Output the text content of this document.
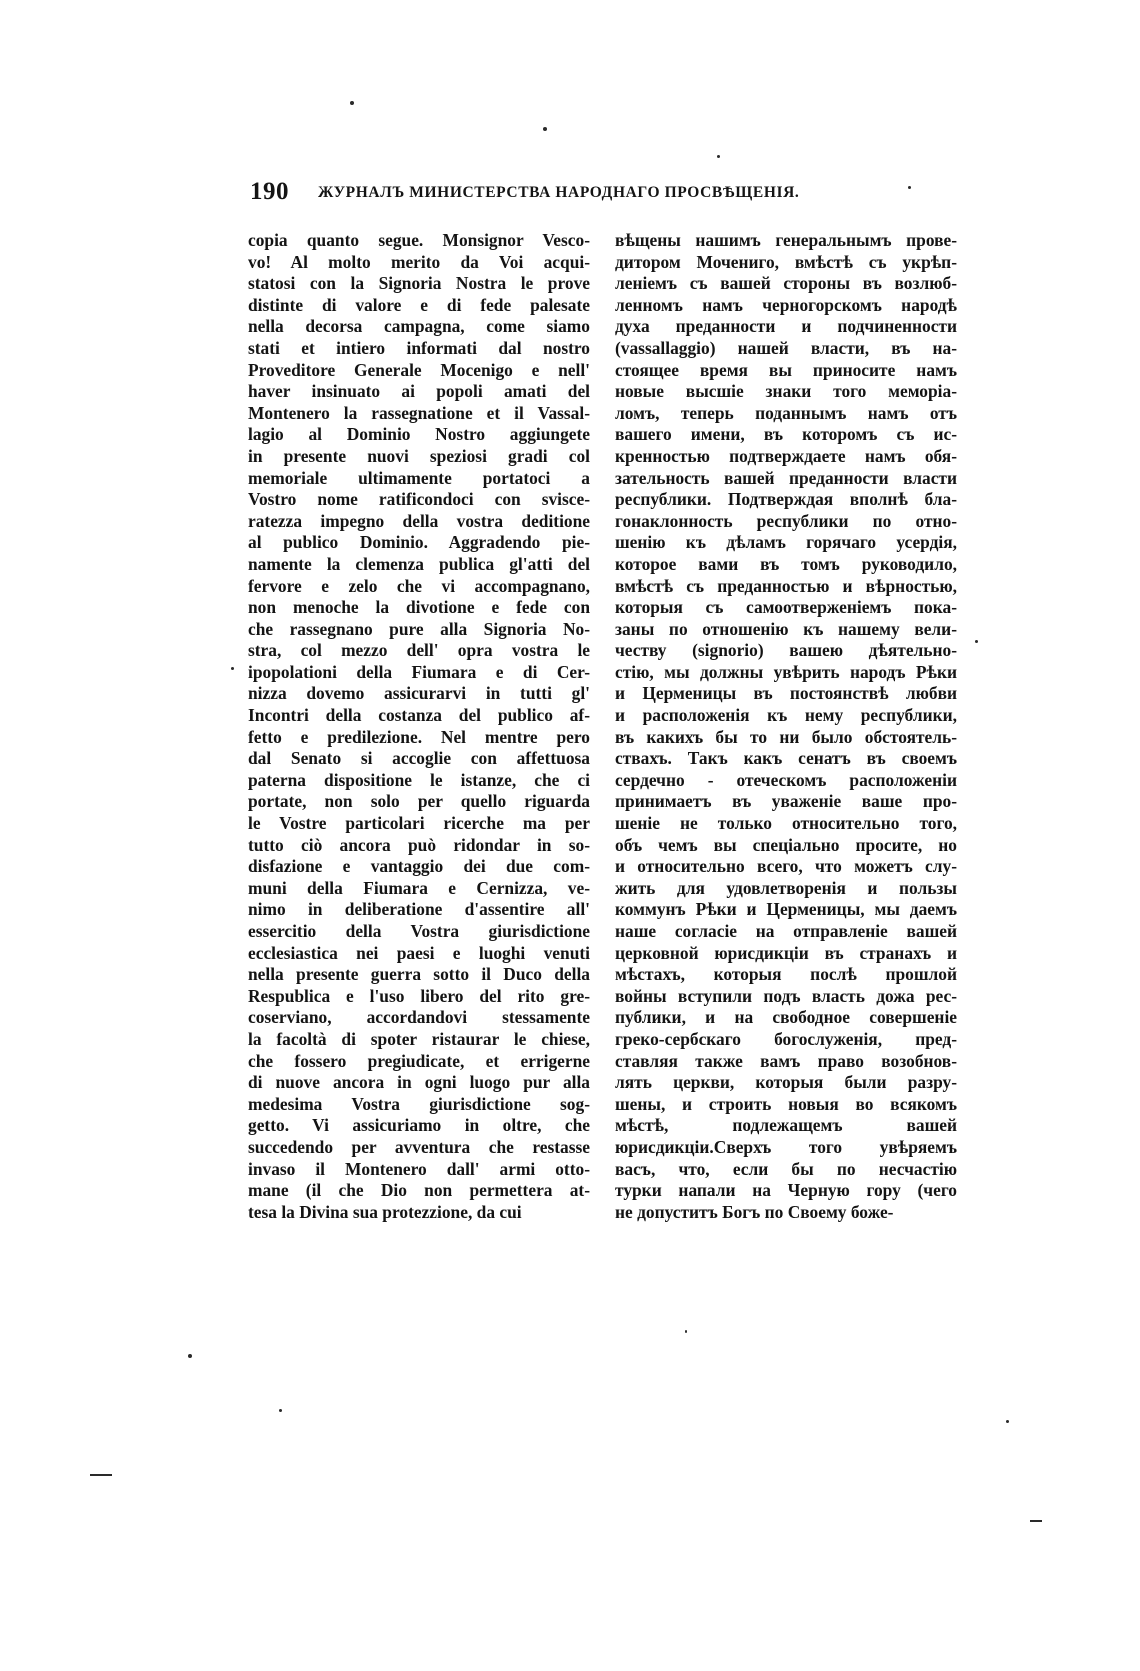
190 ЖУРНАЛЪ МИНИСТЕРСТВА НАРОДНАГО ПРОСВѢЩЕНІЯ.
copia quanto segue. Monsignor Vesco-
vo! Al molto merito da Voi acqui-
statosi con la Signoria Nostra le prove
distinte di valore e di fede palesate
nella decorsa campagna, come siamo
stati et intiero informati dal nostro
Proveditore Generale Mocenigo e nell'
haver insinuato ai popoli amati del
Montenero la rassegnatione et il Vassal-
lagio al Dominio Nostro aggiungete
in presente nuovi speziosi gradi col
memoriale ultimamente portatoci a
Vostro nome ratificondoci con svisce-
ratezza impegno della vostra deditione
al publico Dominio. Aggradendo pie-
namente la clemenza publica gl'atti del
fervore e zelo che vi accompagnano,
non menoche la divotione e fede con
che rassegnano pure alla Signoria No-
stra, col mezzo dell' opra vostra le
ipopolationi della Fiumara e di Cer-
nizza dovemo assicurarvi in tutti gl'
Incontri della costanza del publico af-
fetto e predilezione. Nel mentre pero
dal Senato si accoglie con affettuosa
paterna dispositione le istanze, che ci
portate, non solo per quello riguarda
le Vostre particolari ricerche ma per
tutto ciò ancora può ridondar in so-
disfazione e vantaggio dei due com-
muni della Fiumara e Cernizza, ve-
nimo in deliberatione d'assentire all'
essercitio della Vostra giurisdictione
ecclesiastica nei paesi e luoghi venuti
nella presente guerra sotto il Duco della
Respublica e l'uso libero del rito gre-
coserviano, accordandovi stessamente
la facoltà di spoter ristaurar le chiese,
che fossero pregiudicate, et errigerne
di nuove ancora in ogni luogo pur alla
medesima Vostra giurisdictione sog-
getto. Vi assicuriamo in oltre, che
succedendo per avventura che restasse
invaso il Montenero dall' armi otto-
mane (il che Dio non permettera at-
tesa la Divina sua protezzione, da cui
вѣщены нашимъ генеральнымъ прове-
дитором Мочениго, вмѣстѣ съ укрѣп-
леніемъ съ вашей стороны въ возлюб-
ленномъ намъ черногорскомъ народѣ
духа преданности и подчиненности
(vassallaggio) нашей власти, въ на-
стоящее время вы приносите намъ
новые высшіе знаки того меморіа-
ломъ, теперь поданнымъ намъ отъ
вашего имени, въ которомъ съ ис-
кренностью подтверждаете намъ обя-
зательность вашей преданности власти
республики. Подтверждая вполнѣ бла-
гонаклонность республики по отно-
шенію къ дѣламъ горячаго усердія,
которое вами въ томъ руководило,
вмѣстѣ съ преданностью и вѣрностью,
которыя съ самоотверженіемъ пока-
заны по отношенію къ нашему вели-
честву (signorio) вашею дѣятельно-
стію, мы должны увѣрить народъ Рѣки
и Церменицы въ постоянствѣ любви
и расположенія къ нему республики,
въ какихъ бы то ни было обстоятель-
ствахъ. Такъ какъ сенатъ въ своемъ
сердечно - отеческомъ расположеніи
принимаетъ въ уваженіе ваше про-
шеніе не только относительно того,
объ чемъ вы спеціально просите, но
и относительно всего, что можетъ слу-
жить для удовлетворенія и пользы
коммунъ Рѣки и Церменицы, мы даемъ
наше согласіе на отправленіе вашей
церковной юрисдикціи въ странахъ и
мѣстахъ, которыя послѣ прошлой
войны вступили подъ власть дожа рес-
публики, и на свободное совершеніе
греко-сербскаго богослуженія, пред-
ставляя также вамъ право возобнов-
лять церкви, которыя были разру-
шены, и строить новыя во всякомъ
мѣстѣ, подлежащемъ вашей
юрисдикціи.Сверхъ того увѣряемъ
васъ, что, если бы по несчастію
турки напали на Черную гору (чего
не допуститъ Богъ по Своему боже-
